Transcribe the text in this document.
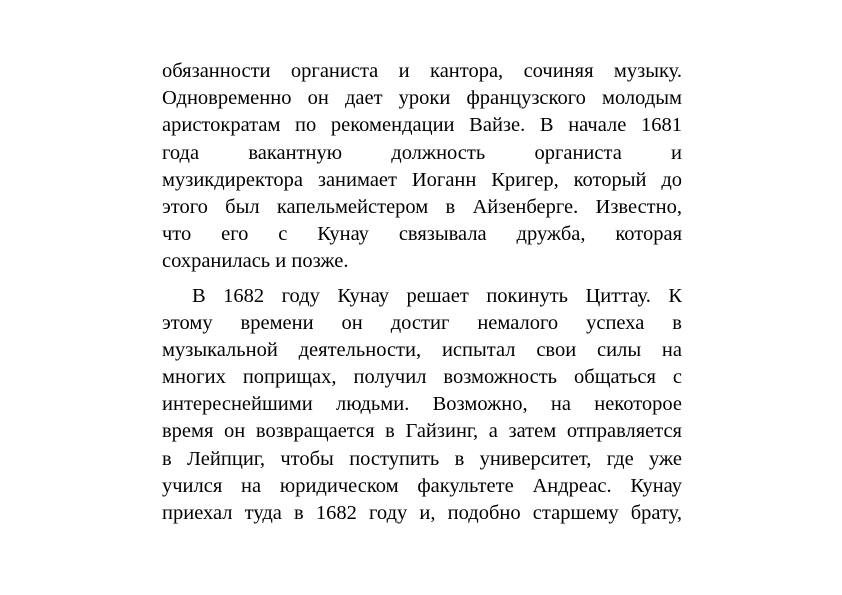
обязанности органиста и кантора, сочиняя музыку.
Одновременно он дает уроки французского молодым
аристократам по рекомендации Вайзе. В начале 1681
года вакантную должность органиста и
музикдиректора занимает Иоганн Кригер, который до
этого был капельмейстером в Айзенберге. Известно,
что его с Кунау связывала дружба, которая
сохранилась и позже.
В 1682 году Кунау решает покинуть Циттау. К
этому времени он достиг немалого успеха в
музыкальной деятельности, испытал свои силы на
многих поприщах, получил возможность общаться с
интереснейшими людьми. Возможно, на некоторое
время он возвращается в Гайзинг, а затем отправляется
в Лейпциг, чтобы поступить в университет, где уже
учился на юридическом факультете Андреас. Кунау
приехал туда в 1682 году и, подобно старшему брату,
